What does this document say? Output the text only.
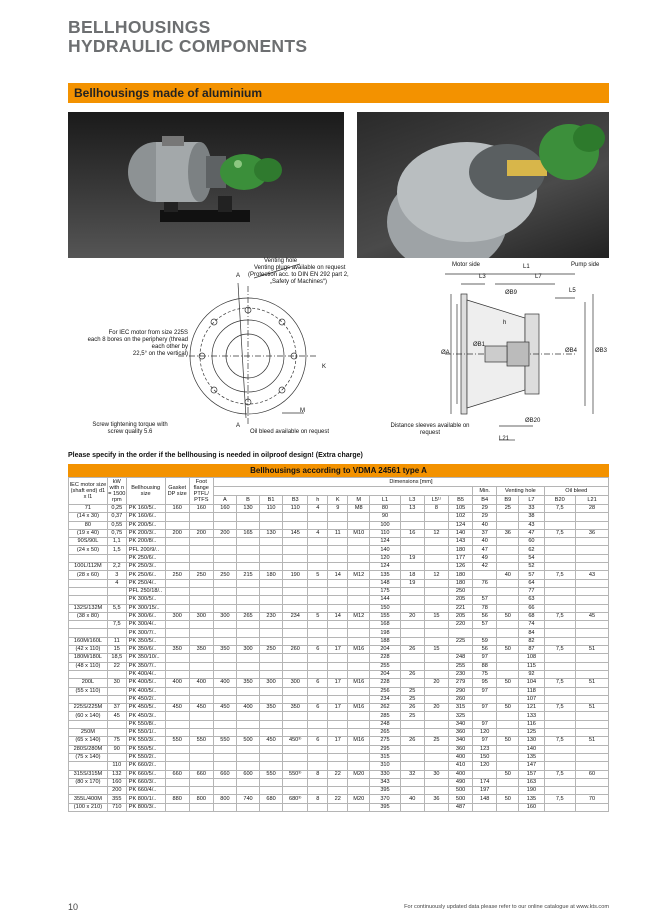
BELLHOUSINGS
HYDRAULIC COMPONENTS
Bellhousings made of aluminium
Venting hole
Venting plugs available on request
(Protection acc. to DIN EN 292 part 2,
„Safety of Machines“)
A
A
K
M
For IEC motor from size 225S
each 8 bores on the periphery (thread
each other by
22,5° on the vertical)
Screw tightening torque with
screw quality 5.6	Oil bleed available on request
Motor side	Pump side
L1
L3	L7
L5
ØB9
h
ØA
ØB1
ØB4	ØB3
ØB20
L21
Distance sleeves available on
request
Please specify in the order if the bellhousing is needed in oilproof design! (Extra charge)
Bellhousings according to VDMA 24561 type A
IEC motor size (shaft end) d1 x l1	kW with n = 1500 rpm	Bellhousing size	Gasket DP size	Foot flange PTFL/ PTFS	Dimensions [mm]															
																Min.	Venting hole		Oil bleed	
					A	B	B1	B3	h	K	M	L1	L3	L5¹⁾	B5	B4	B9	L7	B20	L21
71	0,25	PK 160/5/..	160	160	160	130	110	110	4	9	M8	80	13	8	105	29	25	33	7,5	28
(14 x 30)	0,37	PK 160/6/..										90			102	29		38		
80	0,55	PK 200/5/..										100			124	40		43		
(19 x 40)	0,75	PK 200/3/..	200	200	200	165	130	145	4	11	M10	110	16	12	140	37	36	47	7,5	36
90S/90L	1,1	PK 200/8/..										124			143	40		60		
(24 x 50)	1,5	PFL 200/9/..										140			180	47		62		
		PK 250/6/..										120	19		177	49		54		
100L/112M	2,2	PK 250/3/..										124			126	42		52		
(28 x 60)	3	PK 250/6/..	250	250	250	215	180	190	5	14	M12	135	18	12	180		40	57	7,5	43
	4	PK 250/4/..										148	19		180	76		64		
		PFL 250/18/..										175			250			77		
		PK 300/5/..										144			205	57		63		
132S/132M	5,5	PK 300/15/..										150			221	78		66		
(38 x 80)		PK 300/6/..	300	300	300	265	230	234	5	14	M12	155	20	15	205	56	50	68	7,5	45
	7,5	PK 300/4/..										168			220	57		74		
		PK 300/7/..										198						84		
160M/160L	11	PK 350/5/..										188			225	59		82		
(42 x 110)	15	PK 350/6/..	350	350	350	300	250	260	6	17	M16	204	26	15		56	50	87	7,5	51
180M/180L	18,5	PK 350/10/..										228			248	97		108		
(48 x 110)	22	PK 350/7/..										255			255	88		115		
		PK 400/4/..										204	26		230	75		92		
200L	30	PK 400/5/..	400	400	400	350	300	300	6	17	M16	228		20	279	95	50	104	7,5	51
(55 x 110)		PK 400/5/..										256	25		290	97		118		
		PK 450/2/..										234	25		260			107		
225S/225M	37	PK 450/5/..	450	450	450	400	350	350	6	17	M16	262	26	20	315	97	50	121	7,5	51
(60 x 140)	45	PK 450/3/..										285	25		325			133		
		PK 550/8/..										248			340	97		116		
250M		PK 550/1/..										265			360	120		125		
(65 x 140)	75	PK 550/3/..	550	550	550	500	450	450³⁾	6	17	M16	275	26	25	340	97	50	130	7,5	51
280S/280M	90	PK 550/5/..										295			360	123		140		
(75 x 140)		PK 550/2/..										315			400	150		135		
	110	PK 660/2/..										310			410	120		147		
315S/315M	132	PK 660/5/..	660	660	660	600	550	550³⁾	8	22	M20	330	32	30	400		50	157	7,5	60
(80 x 170)	160	PK 660/3/..										343			490	174		163		
	200	PK 660/4/..										395			500	197		190		
355L/400M	355	PK 800/1/..	880	800	800	740	680	680³⁾	8	22	M20	370	40	36	500	148	50	135	7,5	70
(100 x 210)	710	PK 800/3/..										395			487			160		
10	For continuously updated data please refer to our online catalogue at www.kts.com
